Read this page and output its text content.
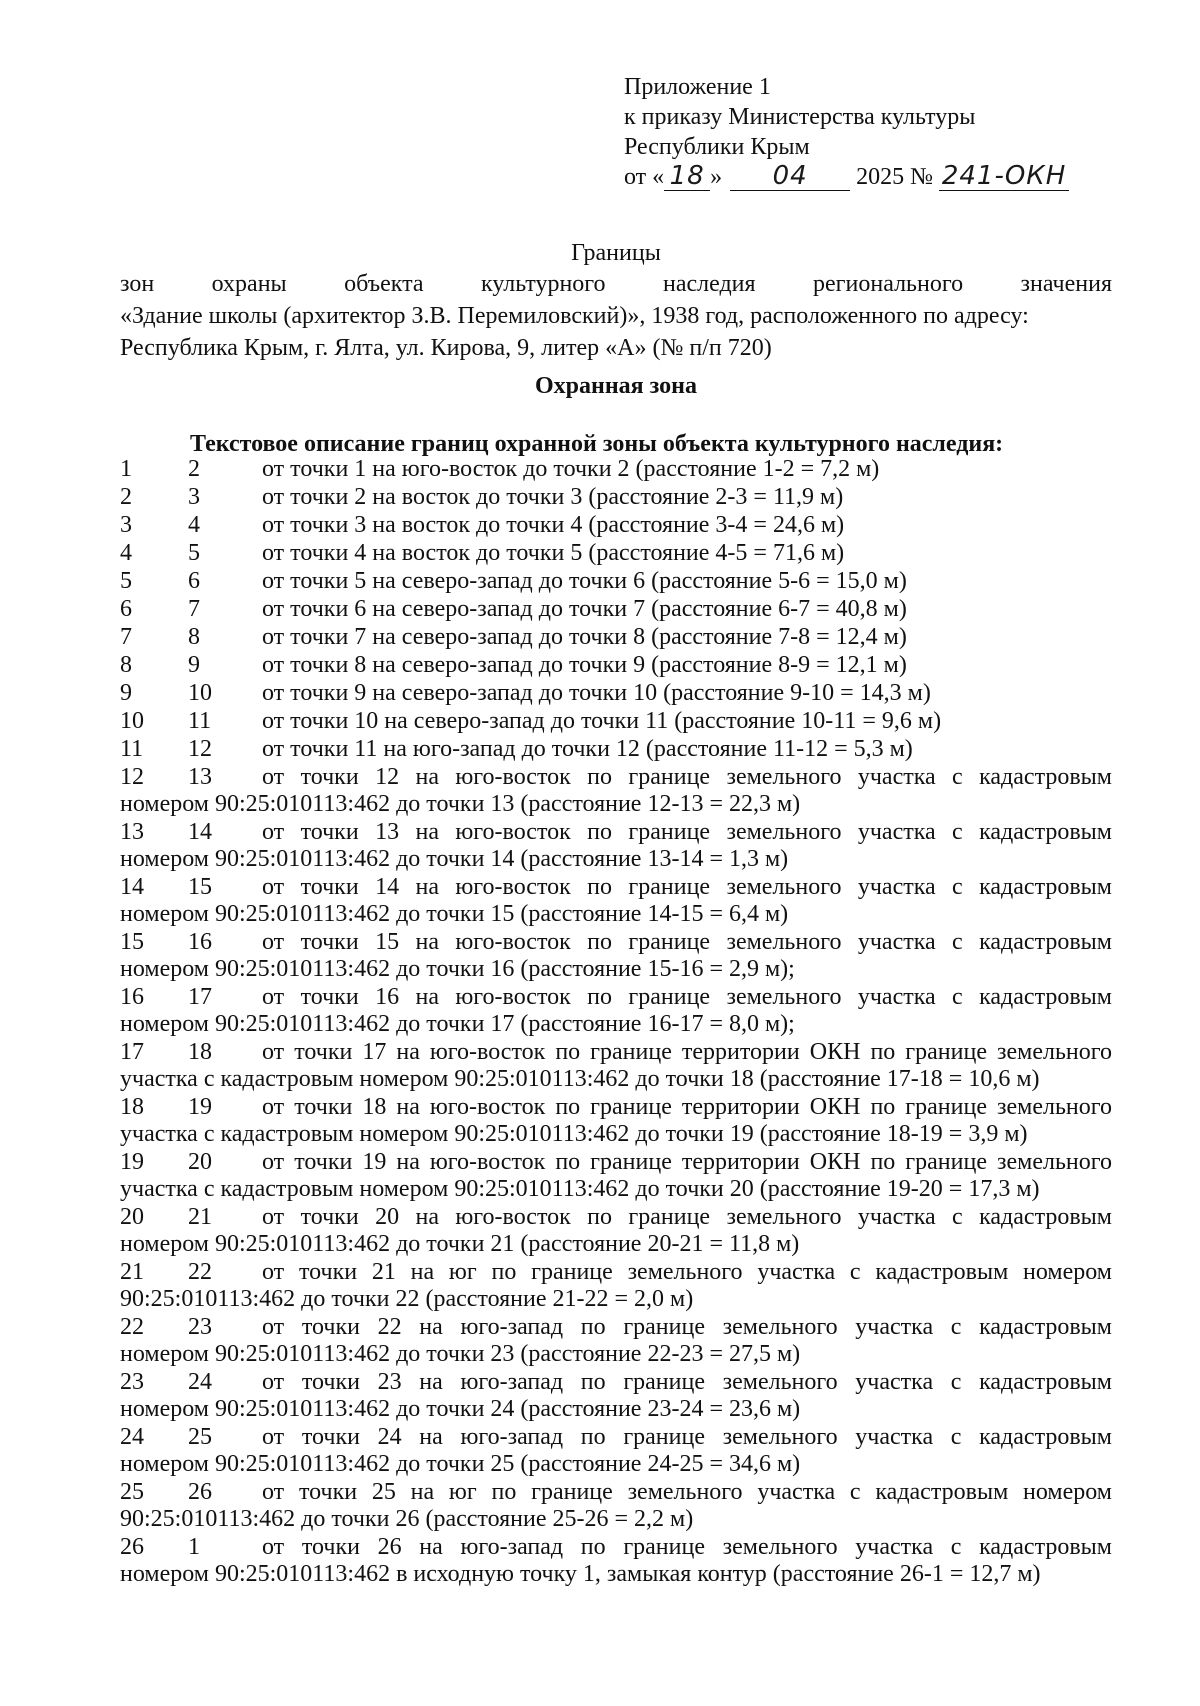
Приложение 1
к приказу Министерства культуры
Республики Крым
от « 18 » 04 2025 № 241-ОКН
Границы
зон охраны объекта культурного наследия регионального значения
«Здание школы (архитектор З.В. Перемиловский)», 1938 год, расположенного по адресу:
Республика Крым, г. Ялта, ул. Кирова, 9, литер «А» (№ п/п 720)
Охранная зона
Текстовое описание границ охранной зоны объекта культурного наследия:
1 2	от точки 1 на юго-восток до точки 2 (расстояние 1-2 = 7,2 м)
2 3	от точки 2 на восток до точки 3 (расстояние 2-3 = 11,9 м)
3 4	от точки 3 на восток до точки 4 (расстояние 3-4 = 24,6 м)
4 5	от точки 4 на восток до точки 5 (расстояние 4-5 = 71,6 м)
5 6	от точки 5 на северо-запад до точки 6 (расстояние 5-6 = 15,0 м)
6 7	от точки 6 на северо-запад до точки 7 (расстояние 6-7 = 40,8 м)
7 8	от точки 7 на северо-запад до точки 8 (расстояние 7-8 = 12,4 м)
8 9	от точки 8 на северо-запад до точки 9 (расстояние 8-9 = 12,1 м)
9 10 от точки 9 на северо-запад до точки 10 (расстояние 9-10 = 14,3 м)
10 11 от точки 10 на северо-запад до точки 11 (расстояние 10-11 = 9,6 м)
11 12 от точки 11 на юго-запад до точки 12 (расстояние 11-12 = 5,3 м)
12 13 от точки 12 на юго-восток по границе земельного участка с кадастровым
номером 90:25:010113:462 до точки 13 (расстояние 12-13 = 22,3 м)
13 14 от точки 13 на юго-восток по границе земельного участка с кадастровым
номером 90:25:010113:462 до точки 14 (расстояние 13-14 = 1,3 м)
14 15 от точки 14 на юго-восток по границе земельного участка с кадастровым
номером 90:25:010113:462 до точки 15 (расстояние 14-15 = 6,4 м)
15 16 от точки 15 на юго-восток по границе земельного участка с кадастровым
номером 90:25:010113:462 до точки 16 (расстояние 15-16 = 2,9 м);
16 17 от точки 16 на юго-восток по границе земельного участка с кадастровым
номером 90:25:010113:462 до точки 17 (расстояние 16-17 = 8,0 м);
17 18 от точки 17 на юго-восток по границе территории ОКН по границе земельного
участка с кадастровым номером 90:25:010113:462 до точки 18 (расстояние 17-18 = 10,6 м)
18 19 от точки 18 на юго-восток по границе территории ОКН по границе земельного
участка с кадастровым номером 90:25:010113:462 до точки 19 (расстояние 18-19 = 3,9 м)
19 20 от точки 19 на юго-восток по границе территории ОКН по границе земельного
участка с кадастровым номером 90:25:010113:462 до точки 20 (расстояние 19-20 = 17,3 м)
20 21 от точки 20 на юго-восток по границе земельного участка с кадастровым
номером 90:25:010113:462 до точки 21 (расстояние 20-21 = 11,8 м)
21 22 от точки 21 на юг по границе земельного участка с кадастровым номером
90:25:010113:462 до точки 22 (расстояние 21-22 = 2,0 м)
22 23 от точки 22 на юго-запад по границе земельного участка с кадастровым
номером 90:25:010113:462 до точки 23 (расстояние 22-23 = 27,5 м)
23 24 от точки 23 на юго-запад по границе земельного участка с кадастровым
номером 90:25:010113:462 до точки 24 (расстояние 23-24 = 23,6 м)
24 25 от точки 24 на юго-запад по границе земельного участка с кадастровым
номером 90:25:010113:462 до точки 25 (расстояние 24-25 = 34,6 м)
25 26 от точки 25 на юг по границе земельного участка с кадастровым номером
90:25:010113:462 до точки 26 (расстояние 25-26 = 2,2 м)
26 1	от точки 26 на юго-запад по границе земельного участка с кадастровым
номером 90:25:010113:462 в исходную точку 1, замыкая контур (расстояние 26-1 = 12,7 м)
